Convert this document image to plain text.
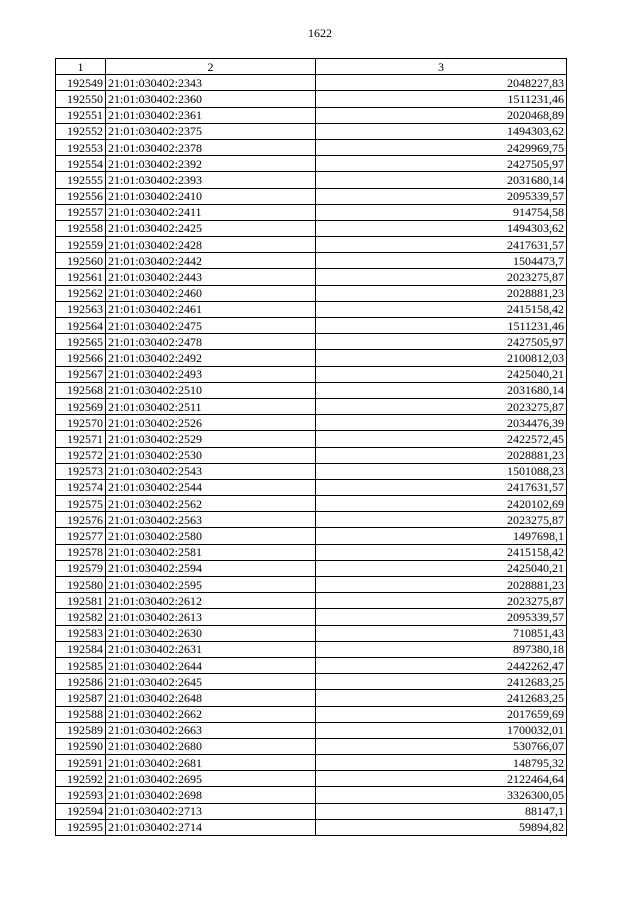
1622
1	2	3
192549	21:01:030402:2343	2048227,83
192550	21:01:030402:2360	1511231,46
192551	21:01:030402:2361	2020468,89
192552	21:01:030402:2375	1494303,62
192553	21:01:030402:2378	2429969,75
192554	21:01:030402:2392	2427505,97
192555	21:01:030402:2393	2031680,14
192556	21:01:030402:2410	2095339,57
192557	21:01:030402:2411	914754,58
192558	21:01:030402:2425	1494303,62
192559	21:01:030402:2428	2417631,57
192560	21:01:030402:2442	1504473,7
192561	21:01:030402:2443	2023275,87
192562	21:01:030402:2460	2028881,23
192563	21:01:030402:2461	2415158,42
192564	21:01:030402:2475	1511231,46
192565	21:01:030402:2478	2427505,97
192566	21:01:030402:2492	2100812,03
192567	21:01:030402:2493	2425040,21
192568	21:01:030402:2510	2031680,14
192569	21:01:030402:2511	2023275,87
192570	21:01:030402:2526	2034476,39
192571	21:01:030402:2529	2422572,45
192572	21:01:030402:2530	2028881,23
192573	21:01:030402:2543	1501088,23
192574	21:01:030402:2544	2417631,57
192575	21:01:030402:2562	2420102,69
192576	21:01:030402:2563	2023275,87
192577	21:01:030402:2580	1497698,1
192578	21:01:030402:2581	2415158,42
192579	21:01:030402:2594	2425040,21
192580	21:01:030402:2595	2028881,23
192581	21:01:030402:2612	2023275,87
192582	21:01:030402:2613	2095339,57
192583	21:01:030402:2630	710851,43
192584	21:01:030402:2631	897380,18
192585	21:01:030402:2644	2442262,47
192586	21:01:030402:2645	2412683,25
192587	21:01:030402:2648	2412683,25
192588	21:01:030402:2662	2017659,69
192589	21:01:030402:2663	1700032,01
192590	21:01:030402:2680	530766,07
192591	21:01:030402:2681	148795,32
192592	21:01:030402:2695	2122464,64
192593	21:01:030402:2698	3326300,05
192594	21:01:030402:2713	88147,1
192595	21:01:030402:2714	59894,82
